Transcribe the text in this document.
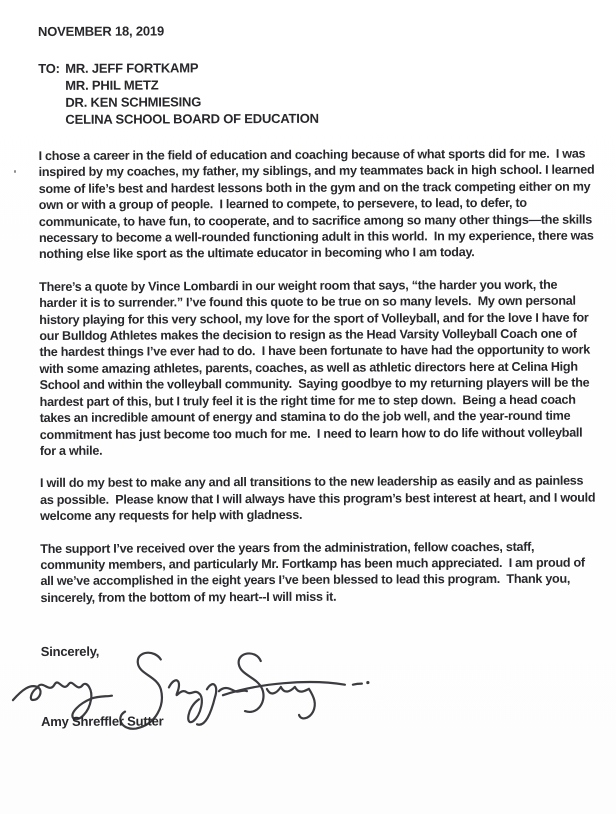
NOVEMBER 18, 2019
TO: MR. JEFF FORTKAMP
MR. PHIL METZ
DR. KEN SCHMIESING
CELINA SCHOOL BOARD OF EDUCATION
I chose a career in the field of education and coaching because of what sports did for me.  I was inspired by my coaches, my father, my siblings, and my teammates back in high school. I learned some of life’s best and hardest lessons both in the gym and on the track competing either on my own or with a group of people.  I learned to compete, to persevere, to lead, to defer, to communicate, to have fun, to cooperate, and to sacrifice among so many other things—the skills necessary to become a well-rounded functioning adult in this world.  In my experience, there was nothing else like sport as the ultimate educator in becoming who I am today.
There’s a quote by Vince Lombardi in our weight room that says, “the harder you work, the harder it is to surrender.” I’ve found this quote to be true on so many levels.  My own personal history playing for this very school, my love for the sport of Volleyball, and for the love I have for our Bulldog Athletes makes the decision to resign as the Head Varsity Volleyball Coach one of the hardest things I’ve ever had to do.  I have been fortunate to have had the opportunity to work with some amazing athletes, parents, coaches, as well as athletic directors here at Celina High School and within the volleyball community.  Saying goodbye to my returning players will be the hardest part of this, but I truly feel it is the right time for me to step down.  Being a head coach takes an incredible amount of energy and stamina to do the job well, and the year-round time commitment has just become too much for me.  I need to learn how to do life without volleyball for a while.
I will do my best to make any and all transitions to the new leadership as easily and as painless as possible.  Please know that I will always have this program’s best interest at heart, and I would welcome any requests for help with gladness.
The support I’ve received over the years from the administration, fellow coaches, staff, community members, and particularly Mr. Fortkamp has been much appreciated.  I am proud of all we’ve accomplished in the eight years I’ve been blessed to lead this program.  Thank you, sincerely, from the bottom of my heart--I will miss it.
Sincerely,
Amy Shreffler Sutter
